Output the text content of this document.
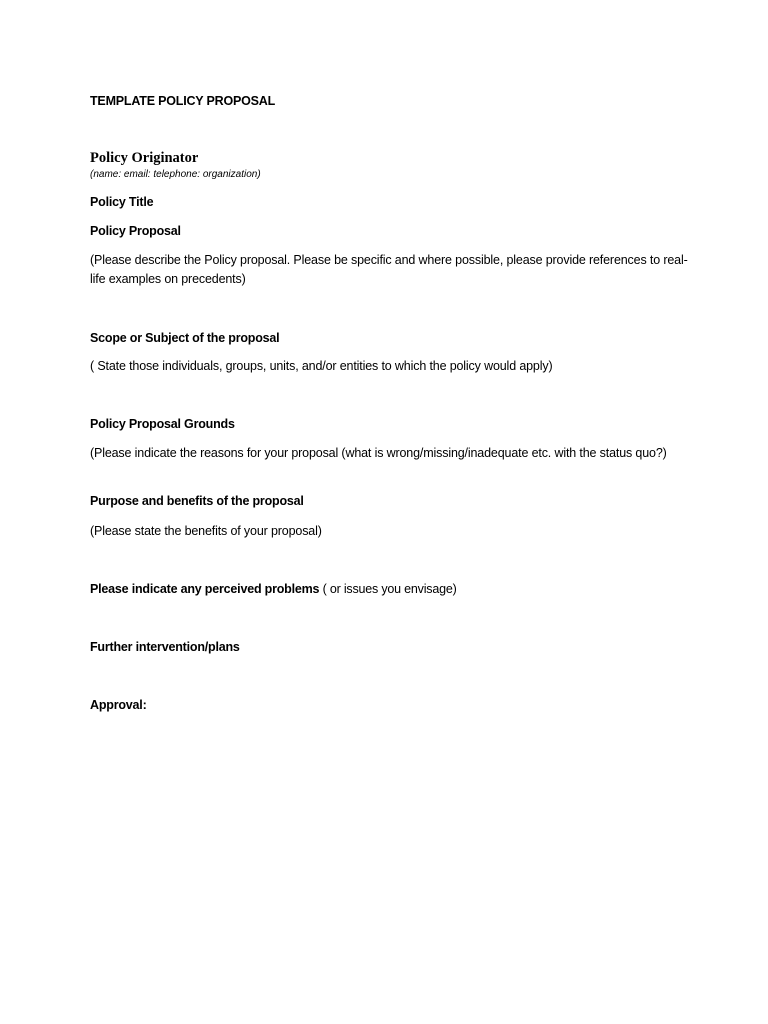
TEMPLATE POLICY PROPOSAL

Policy Originator

(name: email: telephone: organization)

Policy Title

Policy Proposal

(Please describe the Policy proposal. Please be specific and where possible, please provide references to real-life examples on precedents)

Scope or Subject of the proposal

( State those individuals, groups, units, and/or entities to which the policy would apply)

Policy Proposal Grounds

(Please indicate the reasons for your proposal (what is wrong/missing/inadequate etc. with the status quo?)

Purpose and benefits of the proposal

(Please state the benefits of your proposal)

Please indicate any perceived problems ( or issues you envisage)

Further intervention/plans

Approval:
